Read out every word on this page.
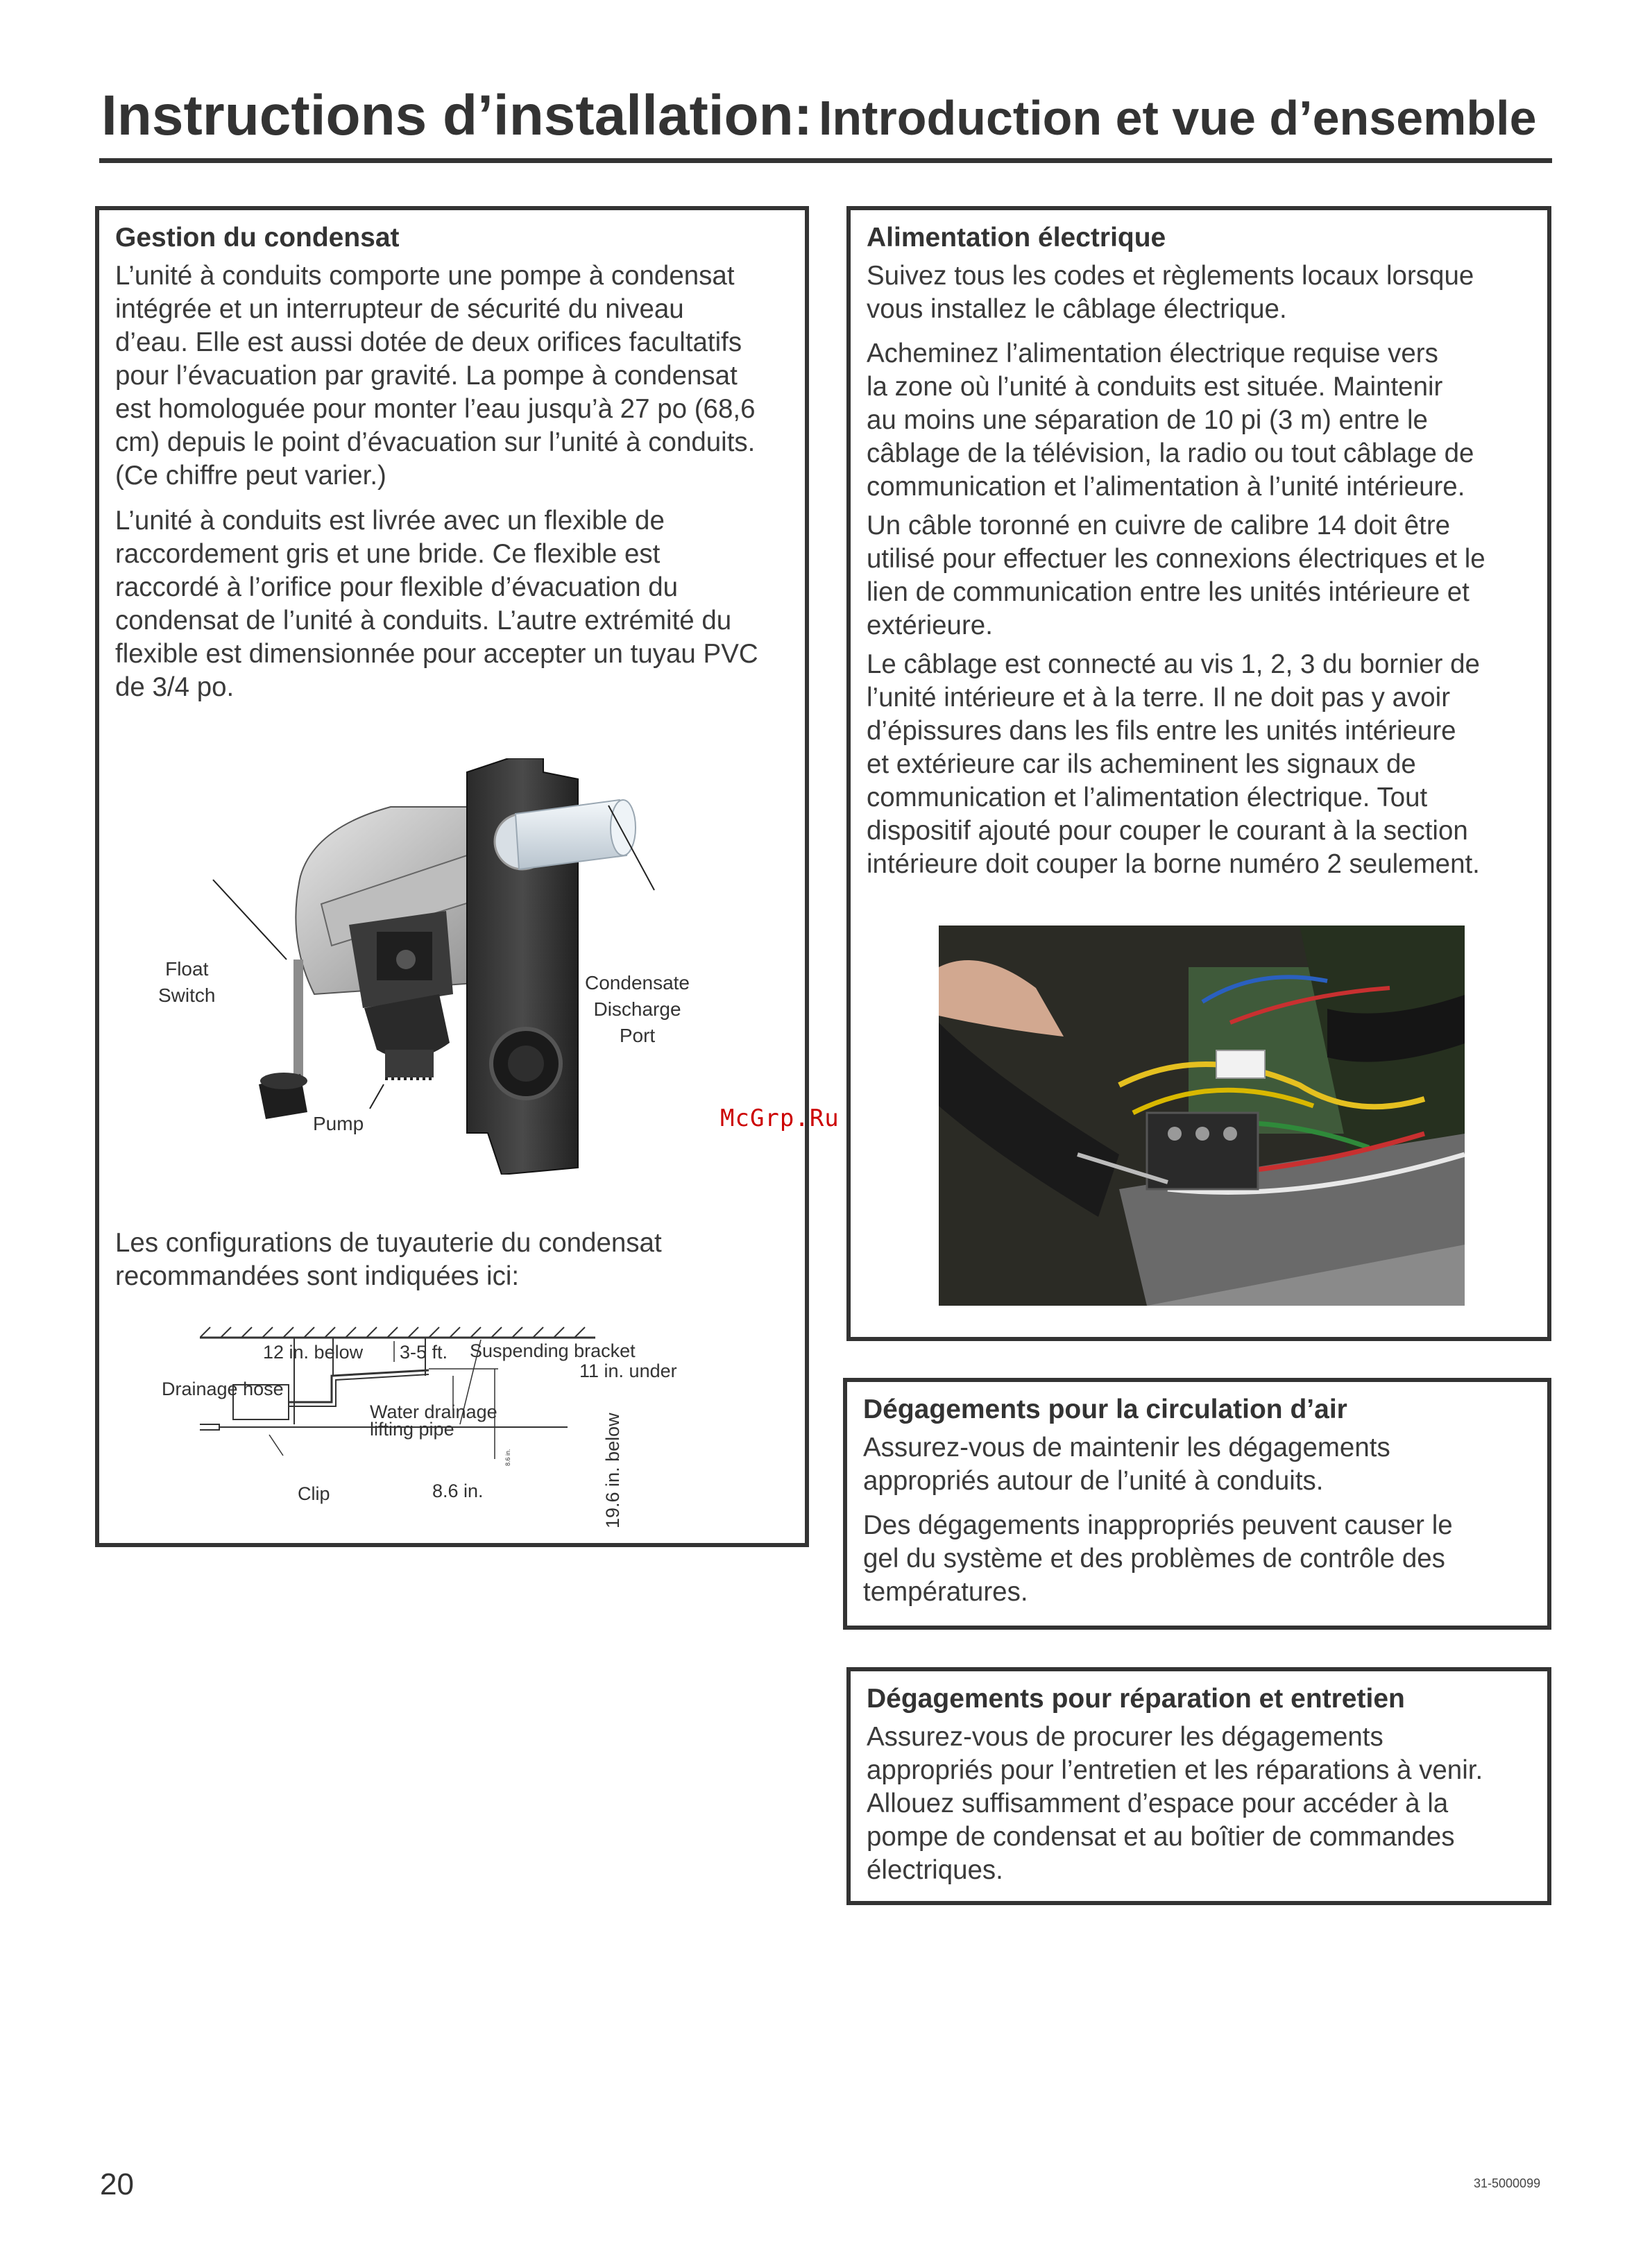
Instructions d’installation: Introduction et vue d’ensemble
Gestion du condensat

L’unité à conduits comporte une pompe à condensat
intégrée et un interrupteur de sécurité du niveau
d’eau. Elle est aussi dotée de deux orifices facultatifs
pour l’évacuation par gravité. La pompe à condensat
est homologuée pour monter l’eau jusqu’à 27 po (68,6
cm) depuis le point d’évacuation sur l’unité à conduits.
(Ce chiffre peut varier.)

L’unité à conduits est livrée avec un flexible de
raccordement gris et une bride. Ce flexible est
raccordé à l’orifice pour flexible d’évacuation du
condensat de l’unité à conduits. L’autre extrémité du
flexible est dimensionnée pour accepter un tuyau PVC
de 3/4 po.

Float
Switch
Condensate
Discharge
Port
Pump

Les configurations de tuyauterie du condensat
recommandées sont indiquées ici:

12 in. below 3-5 ft. Suspending bracket
11 in. under
Drainage hose
Water drainage
lifting pipe
8.6 in.
Clip	8.6 in.	19.6 in. below
Alimentation électrique

Suivez tous les codes et règlements locaux lorsque
vous installez le câblage électrique.

Acheminez l’alimentation électrique requise vers
la zone où l’unité à conduits est située. Maintenir
au moins une séparation de 10 pi (3 m) entre le
câblage de la télévision, la radio ou tout câblage de
communication et l’alimentation à l’unité intérieure.

Un câble toronné en cuivre de calibre 14 doit être
utilisé pour effectuer les connexions électriques et le
lien de communication entre les unités intérieure et
extérieure.

Le câblage est connecté au vis 1, 2, 3 du bornier de
l’unité intérieure et à la terre. Il ne doit pas y avoir
d’épissures dans les fils entre les unités intérieure
et extérieure car ils acheminent les signaux de
communication et l’alimentation électrique. Tout
dispositif ajouté pour couper le courant à la section
intérieure doit couper la borne numéro 2 seulement.

Dégagements pour la circulation d’air

Assurez-vous de maintenir les dégagements
appropriés autour de l’unité à conduits.

Des dégagements inappropriés peuvent causer le
gel du système et des problèmes de contrôle des
températures.

Dégagements pour réparation et entretien

Assurez-vous de procurer les dégagements
appropriés pour l’entretien et les réparations à venir.
Allouez suffisamment d’espace pour accéder à la
pompe de condensat et au boîtier de commandes
électriques.

McGrp.Ru
20	31-5000099
